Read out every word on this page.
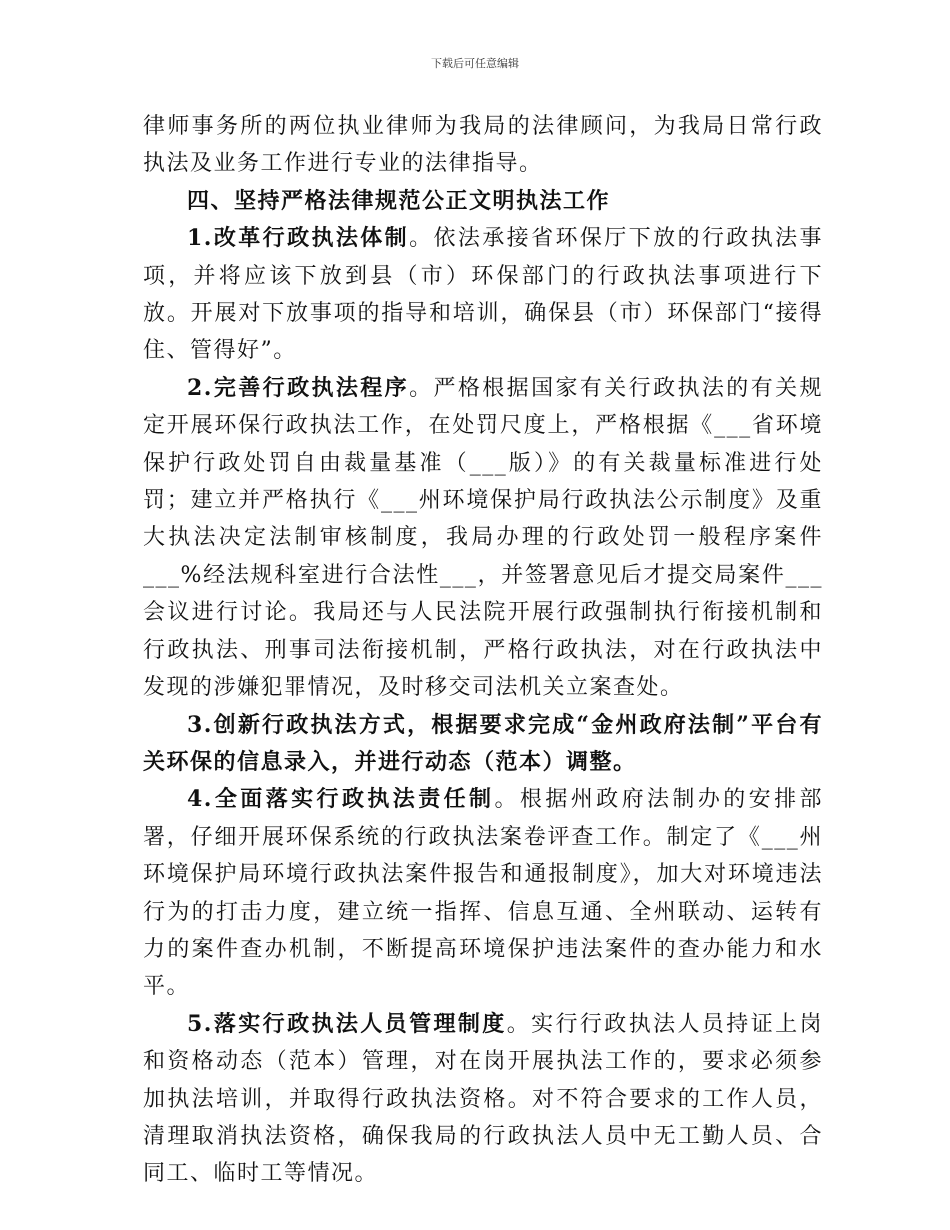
下载后可任意编辑

律师事务所的两位执业律师为我局的法律顾问，为我局日常行政执法及业务工作进行专业的法律指导。

四、坚持严格法律规范公正文明执法工作

1.改革行政执法体制。依法承接省环保厅下放的行政执法事项，并将应该下放到县（市）环保部门的行政执法事项进行下放。开展对下放事项的指导和培训，确保县（市）环保部门“接得住、管得好”。

2.完善行政执法程序。严格根据国家有关行政执法的有关规定开展环保行政执法工作，在处罚尺度上，严格根据《___省环境保护行政处罚自由裁量基准（___版）》的有关裁量标准进行处罚；建立并严格执行《___州环境保护局行政执法公示制度》及重大执法决定法制审核制度，我局办理的行政处罚一般程序案件___%经法规科室进行合法性___，并签署意见后才提交局案件___会议进行讨论。我局还与人民法院开展行政强制执行衔接机制和行政执法、刑事司法衔接机制，严格行政执法，对在行政执法中发现的涉嫌犯罪情况，及时移交司法机关立案查处。

3.创新行政执法方式，根据要求完成“金州政府法制”平台有关环保的信息录入，并进行动态（范本）调整。

4.全面落实行政执法责任制。根据州政府法制办的安排部署，仔细开展环保系统的行政执法案卷评查工作。制定了《___州环境保护局环境行政执法案件报告和通报制度》，加大对环境违法行为的打击力度，建立统一指挥、信息互通、全州联动、运转有力的案件查办机制，不断提高环境保护违法案件的查办能力和水平。

5.落实行政执法人员管理制度。实行行政执法人员持证上岗和资格动态（范本）管理，对在岗开展执法工作的，要求必须参加执法培训，并取得行政执法资格。对不符合要求的工作人员，清理取消执法资格，确保我局的行政执法人员中无工勤人员、合同工、临时工等情况。
